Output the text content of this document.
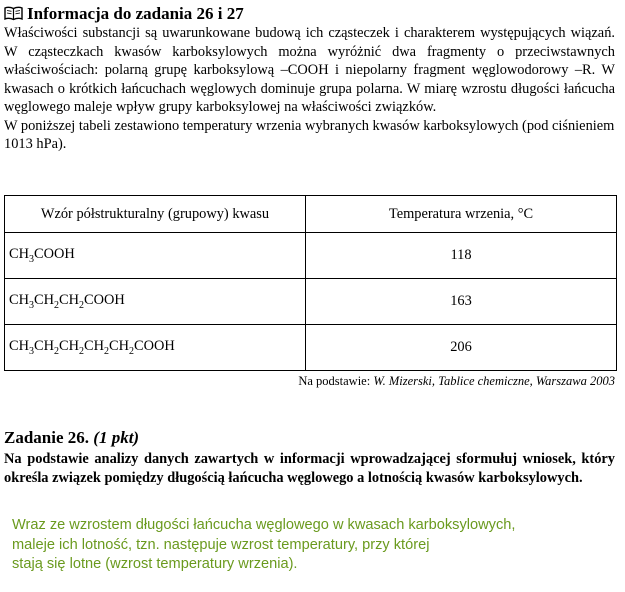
Informacja do zadania 26 i 27

Właściwości substancji są uwarunkowane budową ich cząsteczek i charakterem występujących wiązań. W cząsteczkach kwasów karboksylowych można wyróżnić dwa fragmenty o przeciwstawnych właściwościach: polarną grupę karboksylową –COOH i niepolarny fragment węglowodorowy –R. W kwasach o krótkich łańcuchach węglowych dominuje grupa polarna. W miarę wzrostu długości łańcucha węglowego maleje wpływ grupy karboksylowej na właściwości związków.

W poniższej tabeli zestawiono temperatury wrzenia wybranych kwasów karboksylowych (pod ciśnieniem 1013 hPa).

Wzór półstrukturalny (grupowy) kwasu	Temperatura wrzenia, °C
$CH_3COOH$	118
$CH_3CH_2CH_2COOH$	163
$CH_3CH_2CH_2CH_2CH_2COOH$	206
Na podstawie: W. Mizerski, Tablice chemiczne, Warszawa 2003
Zadanie 26. (1 pkt)
Na podstawie analizy danych zawartych w informacji wprowadzającej sformułuj wniosek, który określa związek pomiędzy długością łańcucha węglowego a lotnością kwasów karboksylowych.
Wraz ze wzrostem długości łańcucha węglowego w kwasach karboksylowych,
maleje ich lotność, tzn. następuje wzrost temperatury, przy której
stają się lotne (wzrost temperatury wrzenia).
